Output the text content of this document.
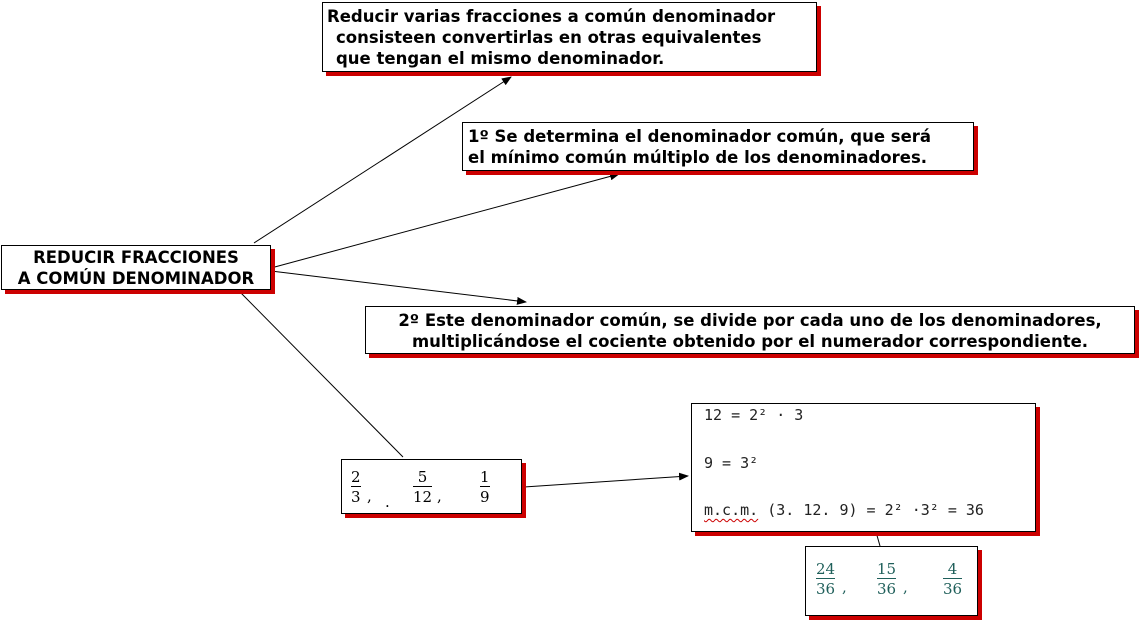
Reducir varias fracciones a común denominador
consisteen convertirlas en otras equivalentes
que tengan el mismo denominador.
REDUCIR FRACCIONES
A COMÚN DENOMINADOR
1º Se determina el denominador común, que será
el mínimo común múltiplo de los denominadores.
2º Este denominador común, se divide por cada uno de los denominadores,
multiplicándose el cociente obtenido por el numerador correspondiente.
$\frac{2}{3}$ , . $\frac{5}{12}$ ,	$\frac{1}{9}$
12 = 2² · 3
9 = 3²
m.c.m. (3. 12. 9) = 2² ·3² = 36
$\frac{24}{36}$ , $\frac{15}{36}$ , $\frac{4}{36}$
